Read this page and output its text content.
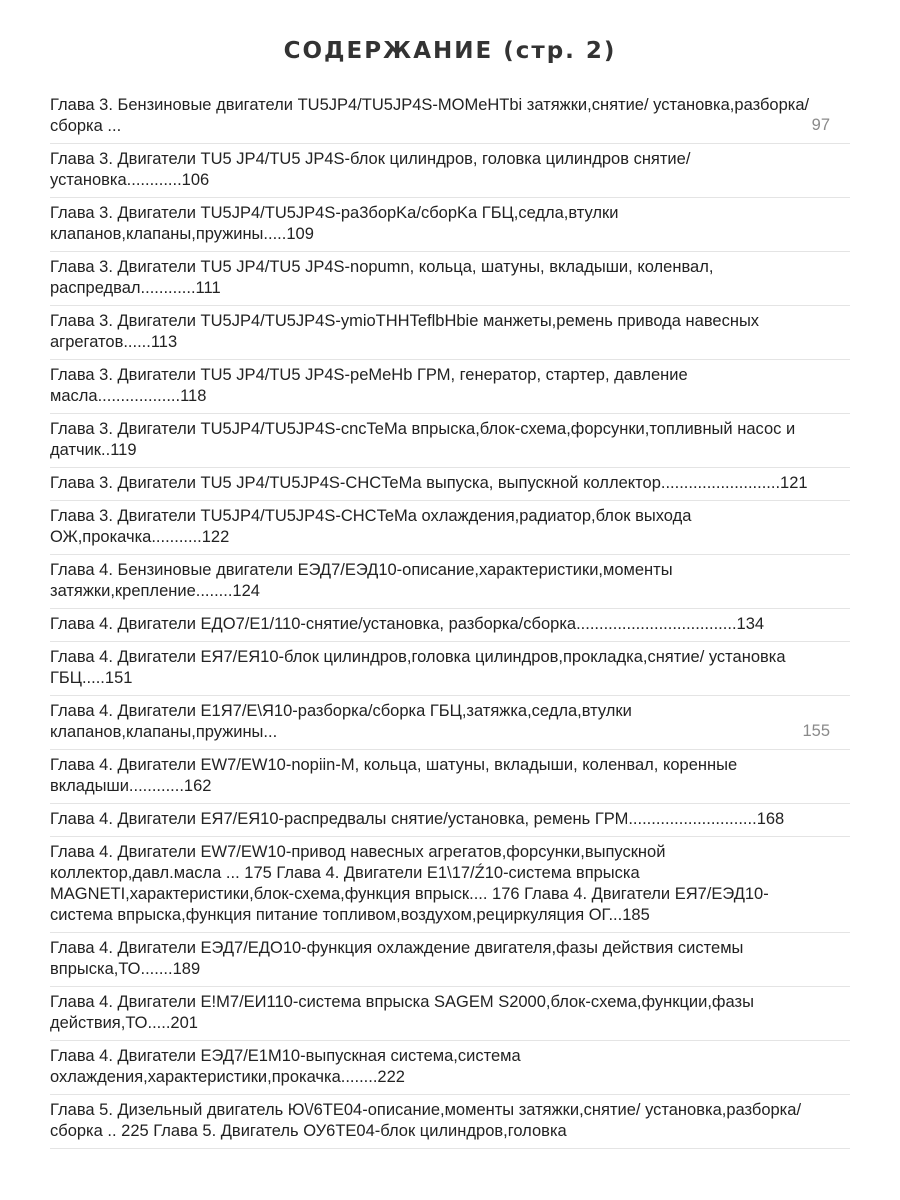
СОДЕРЖАНИЕ (стр. 2)
Глава 3. Бензиновые двигатели TU5JP4/TU5JP4S-MOMeHTbi затяжки,снятие/ установка,разборка/сборка ...	97
Глава 3. Двигатели TU5 JP4/TU5 JP4S-блок цилиндров, головка цилиндров снятие/ установка............106
Глава 3. Двигатели TU5JP4/TU5JP4S-pa3борKa/сборKa ГБЦ,седла,втулки клапанов,клапаны,пружины.....109
Глава 3. Двигатели TU5 JP4/TU5 JP4S-nopumn, кольца, шатуны, вкладыши, коленвал, распредвал............111
Глава 3. Двигатели TU5JP4/TU5JP4S-ymioTHHTeflbHbie манжеты,ремень привода навесных агрегатов......113
Глава 3. Двигатели TU5 JP4/TU5 JP4S-peMeHb ГРМ, генератор, стартер, давление масла..................118
Глава 3. Двигатели TU5JP4/TU5JP4S-cncTeMa впрыска,блок-схема,форсунки,топливный насос и датчик..119
Глава 3. Двигатели TU5 JP4/TU5JP4S-CHCTeMa выпуска, выпускной коллектор..........................121
Глава 3. Двигатели TU5JP4/TU5JP4S-CHCTeMa охлаждения,радиатор,блок выхода ОЖ,прокачка...........122
Глава 4. Бензиновые двигатели ЕЭД7/ЕЭД10-описание,характеристики,моменты затяжки,крепление........124
Глава 4. Двигатели ЕДО7/Е1/110-снятие/установка, разборка/сборка...................................134
Глава 4. Двигатели ЕЯ7/ЕЯ10-блок цилиндров,головка цилиндров,прокладка,снятие/ установка ГБЦ.....151
Глава 4. Двигатели Е1Я7/Е\Я10-разборка/сборка ГБЦ,затяжка,седла,втулки клапанов,клапаны,пружины...	155
Глава 4. Двигатели EW7/EW10-nopiin-M, кольца, шатуны, вкладыши, коленвал, коренные вкладыши............162
Глава 4. Двигатели ЕЯ7/ЕЯ10-распредвалы снятие/установка, ремень ГРМ............................168
Глава 4. Двигатели EW7/EW10-привод навесных агрегатов,форсунки,выпускной коллектор,давл.масла ... 175 Глава 4. Двигатели Е1\17/Ź10-система впрыска MAGNETI,характеристики,блок-схема,функция впрыск.... 176 Глава 4. Двигатели ЕЯ7/ЕЭД10-система впрыска,функция питание топливом,воздухом,рециркуляция ОГ...185
Глава 4. Двигатели ЕЭД7/ЕДО10-функция охлаждение двигателя,фазы действия системы впрыска,ТО.......189
Глава 4. Двигатели Е!М7/ЕИ110-система впрыска SAGEM S2000,блок-схема,функции,фазы действия,ТО.....201
Глава 4. Двигатели ЕЭД7/Е1М10-выпускная система,система охлаждения,характеристики,прокачка........222
Глава 5. Дизельный двигатель Ю\/6ТЕ04-описание,моменты затяжки,снятие/ установка,разборка/сборка .. 225 Глава 5. Двигатель ОУ6ТЕ04-блок цилиндров,головка
